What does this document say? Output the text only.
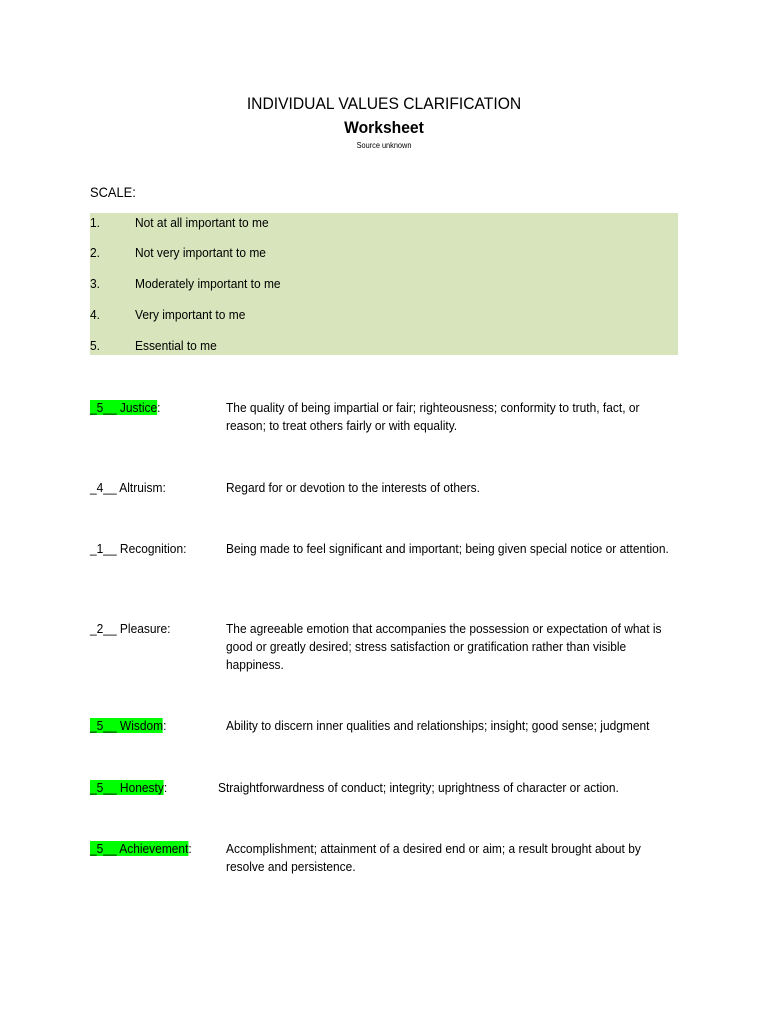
INDIVIDUAL VALUES CLARIFICATION
Worksheet
Source unknown
SCALE:
1.	Not at all important to me
2.	Not very important to me
3.	Moderately important to me
4.	Very important to me
5.	Essential to me
_5__ Justice:	The quality of being impartial or fair; righteousness; conformity to truth, fact, or reason; to treat others fairly or with equality.
_4__ Altruism:	Regard for or devotion to the interests of others.
_1__ Recognition:	Being made to feel significant and important; being given special notice or attention.
_2__ Pleasure:	The agreeable emotion that accompanies the possession or expectation of what is good or greatly desired; stress satisfaction or gratification rather than visible happiness.
_5__ Wisdom:	Ability to discern inner qualities and relationships; insight; good sense; judgment
_5__ Honesty:	Straightforwardness of conduct; integrity; uprightness of character or action.
_5__ Achievement:	Accomplishment; attainment of a desired end or aim; a result brought about by resolve and persistence.
